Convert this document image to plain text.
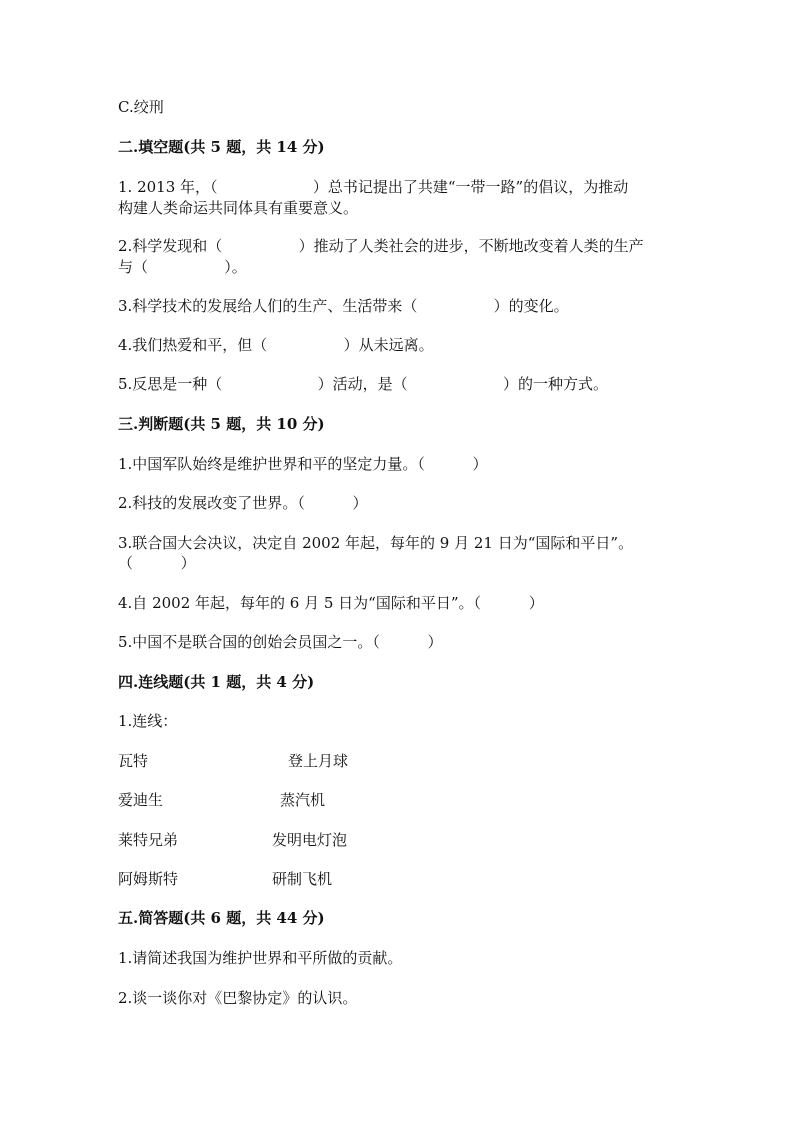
C.绞刑
二.填空题(共 5 题，共 14 分)
1. 2013 年，（                    ）总书记提出了共建“一带一路”的倡议，为推动
构建人类命运共同体具有重要意义。
2.科学发现和（                ）推动了人类社会的进步，不断地改变着人类的生产
与（                ）。
3.科学技术的发展给人们的生产、生活带来（                ）的变化。
4.我们热爱和平，但（                ）从未远离。
5.反思是一种（                    ）活动，是（                    ）的一种方式。
三.判断题(共 5 题，共 10 分)
1.中国军队始终是维护世界和平的坚定力量。（          ）
2.科技的发展改变了世界。（          ）
3.联合国大会决议，决定自 2002 年起，每年的 9 月 21 日为“国际和平日”。
（          ）
4.自 2002 年起，每年的 6 月 5 日为“国际和平日”。（          ）
5.中国不是联合国的创始会员国之一。（          ）
四.连线题(共 1 题，共 4 分)
1.连线：
瓦特	登上月球
爱迪生	蒸汽机
莱特兄弟	发明电灯泡
阿姆斯特	研制飞机
五.简答题(共 6 题，共 44 分)
1.请简述我国为维护世界和平所做的贡献。
2.谈一谈你对《巴黎协定》的认识。
